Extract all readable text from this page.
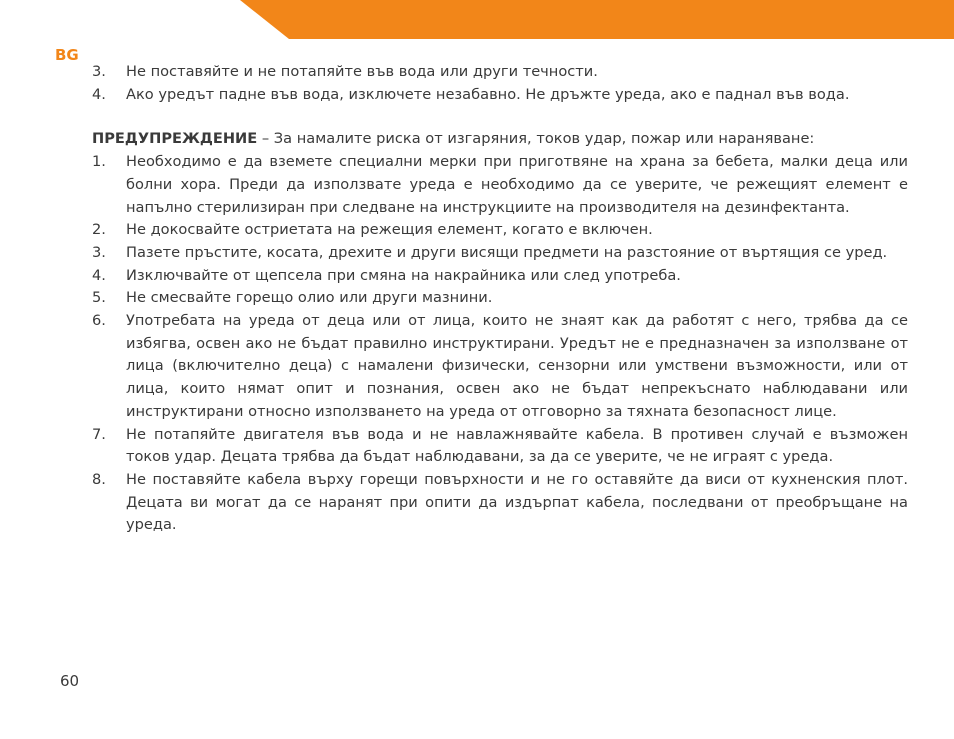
BG
3.	Не поставяйте и не потапяйте във вода или други течности.
4.	Ако уредът падне във вода, изключете незабавно. Не дръжте уреда, ако е паднал във вода.

ПРЕДУПРЕЖДЕНИЕ – За намалите риска от изгаряния, токов удар, пожар или нараняване:

1.	Необходимо е да вземете специални мерки при приготвяне на храна за бебета, малки деца или болни хора. Преди да използвате уреда е необходимо да се уверите, че режещият елемент е напълно стерилизиран при следване на инструкциите на производителя на дезинфектанта.
2.	Не докосвайте остриетата на режещия елемент, когато е включен.
3.	Пазете пръстите, косата, дрехите и други висящи предмети на разстояние от въртящия се уред.
4.	Изключвайте от щепсела при смяна на накрайника или след употреба.
5.	Не смесвайте горещо олио или други мазнини.
6.	Употребата на уреда от деца или от лица, които не знаят как да работят с него, трябва да се избягва, освен ако не бъдат правилно инструктирани. Уредът не е предназначен за използване от лица (включително деца) с намалени физически, сензорни или умствени възможности, или от лица, които нямат опит и познания, освен ако не бъдат непрекъснато наблюдавани или инструктирани относно използването на уреда от отговорно за тяхната безопасност лице.
7.	Не потапяйте двигателя във вода и не навлажнявайте кабела. В противен случай е възможен токов удар. Децата трябва да бъдат наблюдавани, за да се уверите, че не играят с уреда.
8.	Не поставяйте кабела върху горещи повърхности и не го оставяйте да виси от кухненския плот. Децата ви могат да се наранят при опити да издърпат кабела, последвани от преобръщане на уреда.
60
